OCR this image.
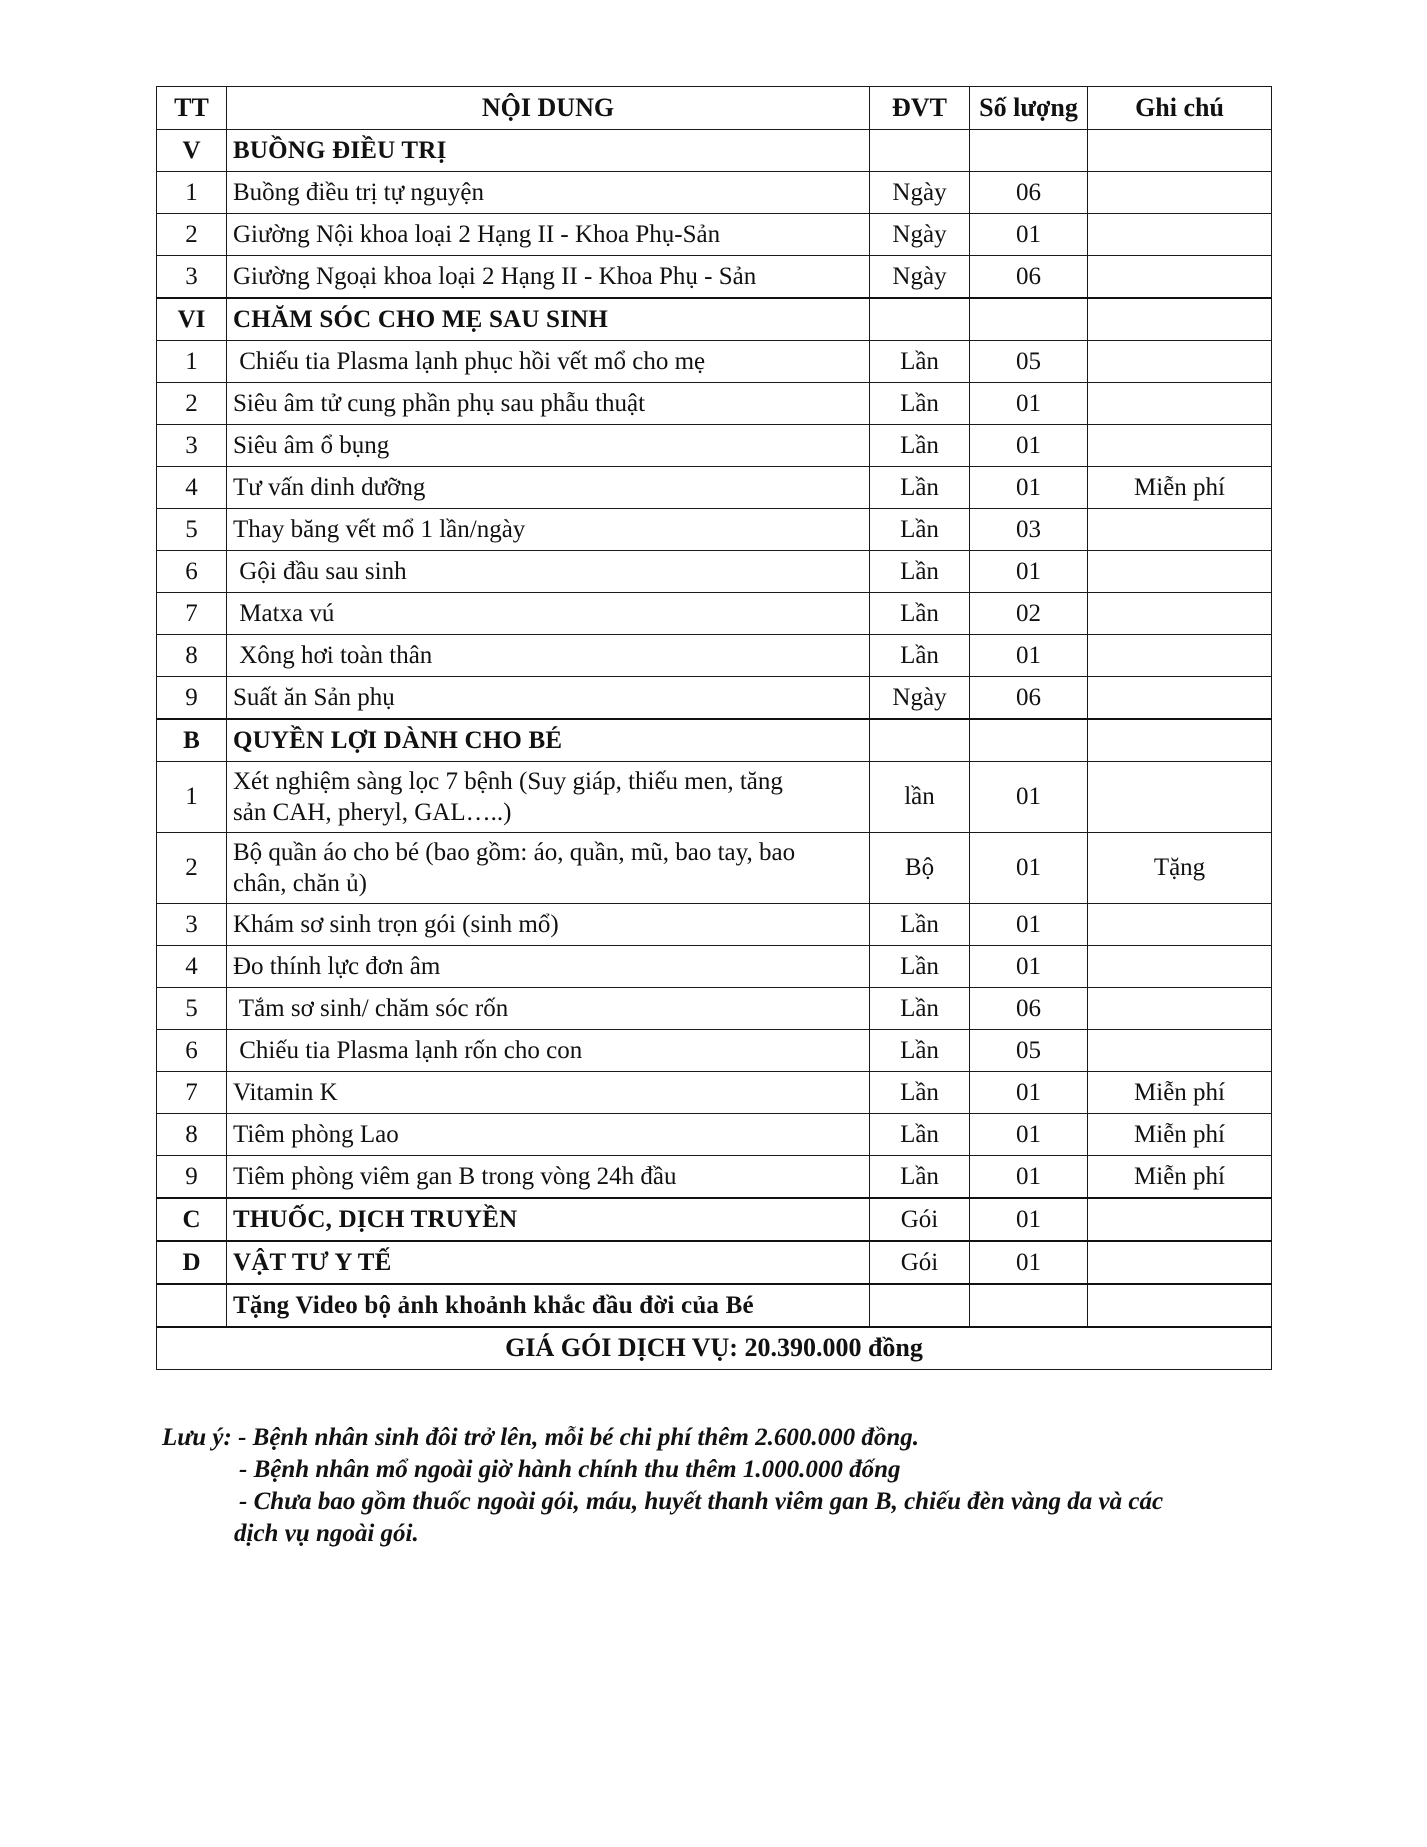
TT	NỘI DUNG	ĐVT	Số lượng	Ghi chú
V	BUỒNG ĐIỀU TRỊ			
1	Buồng điều trị tự nguyện	Ngày	06	
2	Giường Nội khoa loại 2 Hạng II - Khoa Phụ-Sản	Ngày	01	
3	Giường Ngoại khoa loại 2 Hạng II - Khoa Phụ - Sản	Ngày	06	
VI	CHĂM SÓC CHO MẸ SAU SINH			
1	Chiếu tia Plasma lạnh phục hồi vết mổ cho mẹ	Lần	05	
2	Siêu âm tử cung phần phụ sau phẫu thuật	Lần	01	
3	Siêu âm ổ bụng	Lần	01	
4	Tư vấn dinh dưỡng	Lần	01	Miễn phí
5	Thay băng vết mổ 1 lần/ngày	Lần	03	
6	Gội đầu sau sinh	Lần	01	
7	Matxa vú	Lần	02	
8	Xông hơi toàn thân	Lần	01	
9	Suất ăn Sản phụ	Ngày	06	
B	QUYỀN LỢI DÀNH CHO BÉ			
1	Xét nghiệm sàng lọc 7 bệnh (Suy giáp, thiếu men, tăng
sản CAH, pheryl, GAL…..)	lần	01	
2	Bộ quần áo cho bé (bao gồm: áo, quần, mũ, bao tay, bao
chân, chăn ủ)	Bộ	01	Tặng
3	Khám sơ sinh trọn gói (sinh mổ)	Lần	01	
4	Đo thính lực đơn âm	Lần	01	
5	Tắm sơ sinh/ chăm sóc rốn	Lần	06	
6	Chiếu tia Plasma lạnh rốn cho con	Lần	05	
7	Vitamin K	Lần	01	Miễn phí
8	Tiêm phòng Lao	Lần	01	Miễn phí
9	Tiêm phòng viêm gan B trong vòng 24h đầu	Lần	01	Miễn phí
C	THUỐC, DỊCH TRUYỀN	Gói	01	
D	VẬT TƯ Y TẾ	Gói	01	
	Tặng Video bộ ảnh khoảnh khắc đầu đời của Bé			
GIÁ GÓI DỊCH VỤ: 20.390.000 đồng				
Lưu ý: - Bệnh nhân sinh đôi trở lên, mỗi bé chi phí thêm 2.600.000 đồng.
- Bệnh nhân mổ ngoài giờ hành chính thu thêm 1.000.000 đống
- Chưa bao gồm thuốc ngoài gói, máu, huyết thanh viêm gan B, chiếu đèn vàng da và các
dịch vụ ngoài gói.
